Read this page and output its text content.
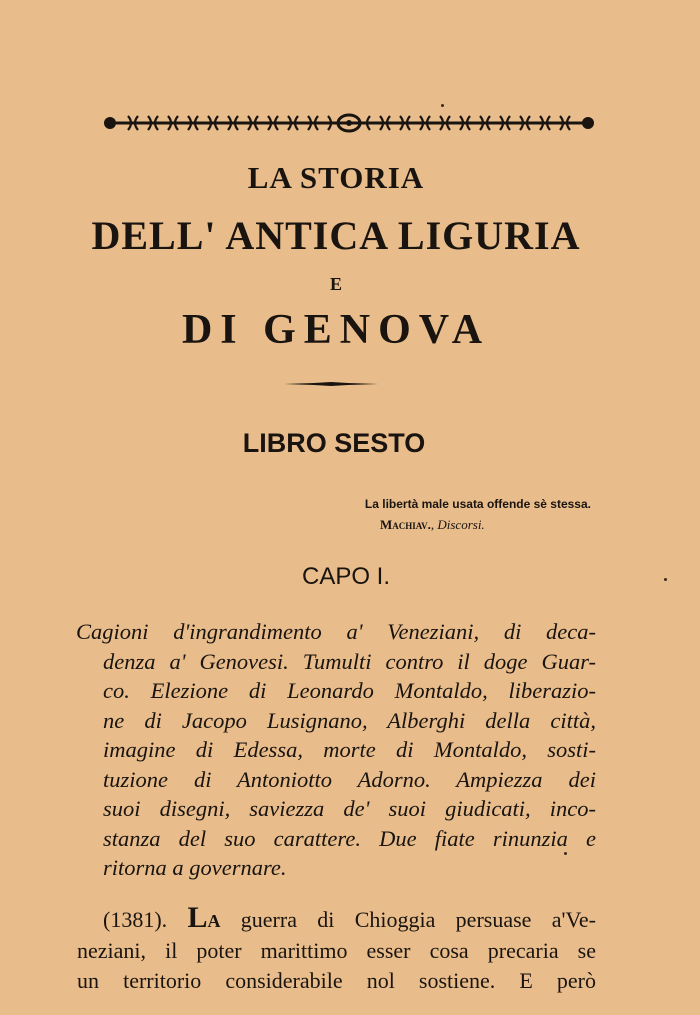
LA STORIA
DELL' ANTICA LIGURIA
E
DI GENOVA
LIBRO SESTO
La libertà male usata offende sè stessa.
Machiav., Discorsi.
CAPO I.
Cagioni d'ingrandimento a' Veneziani, di deca-
denza a' Genovesi. Tumulti contro il doge Guar-
co. Elezione di Leonardo Montaldo, liberazio-
ne di Jacopo Lusignano, Alberghi della città,
imagine di Edessa, morte di Montaldo, sosti-
tuzione di Antoniotto Adorno. Ampiezza dei
suoi disegni, saviezza de' suoi giudicati, inco-
stanza del suo carattere. Due fiate rinunzia e
ritorna a governare.
(1381). LA guerra di Chioggia persuase a'Ve-
neziani, il poter marittimo esser cosa precaria se
un territorio considerabile nol sostiene. E però
